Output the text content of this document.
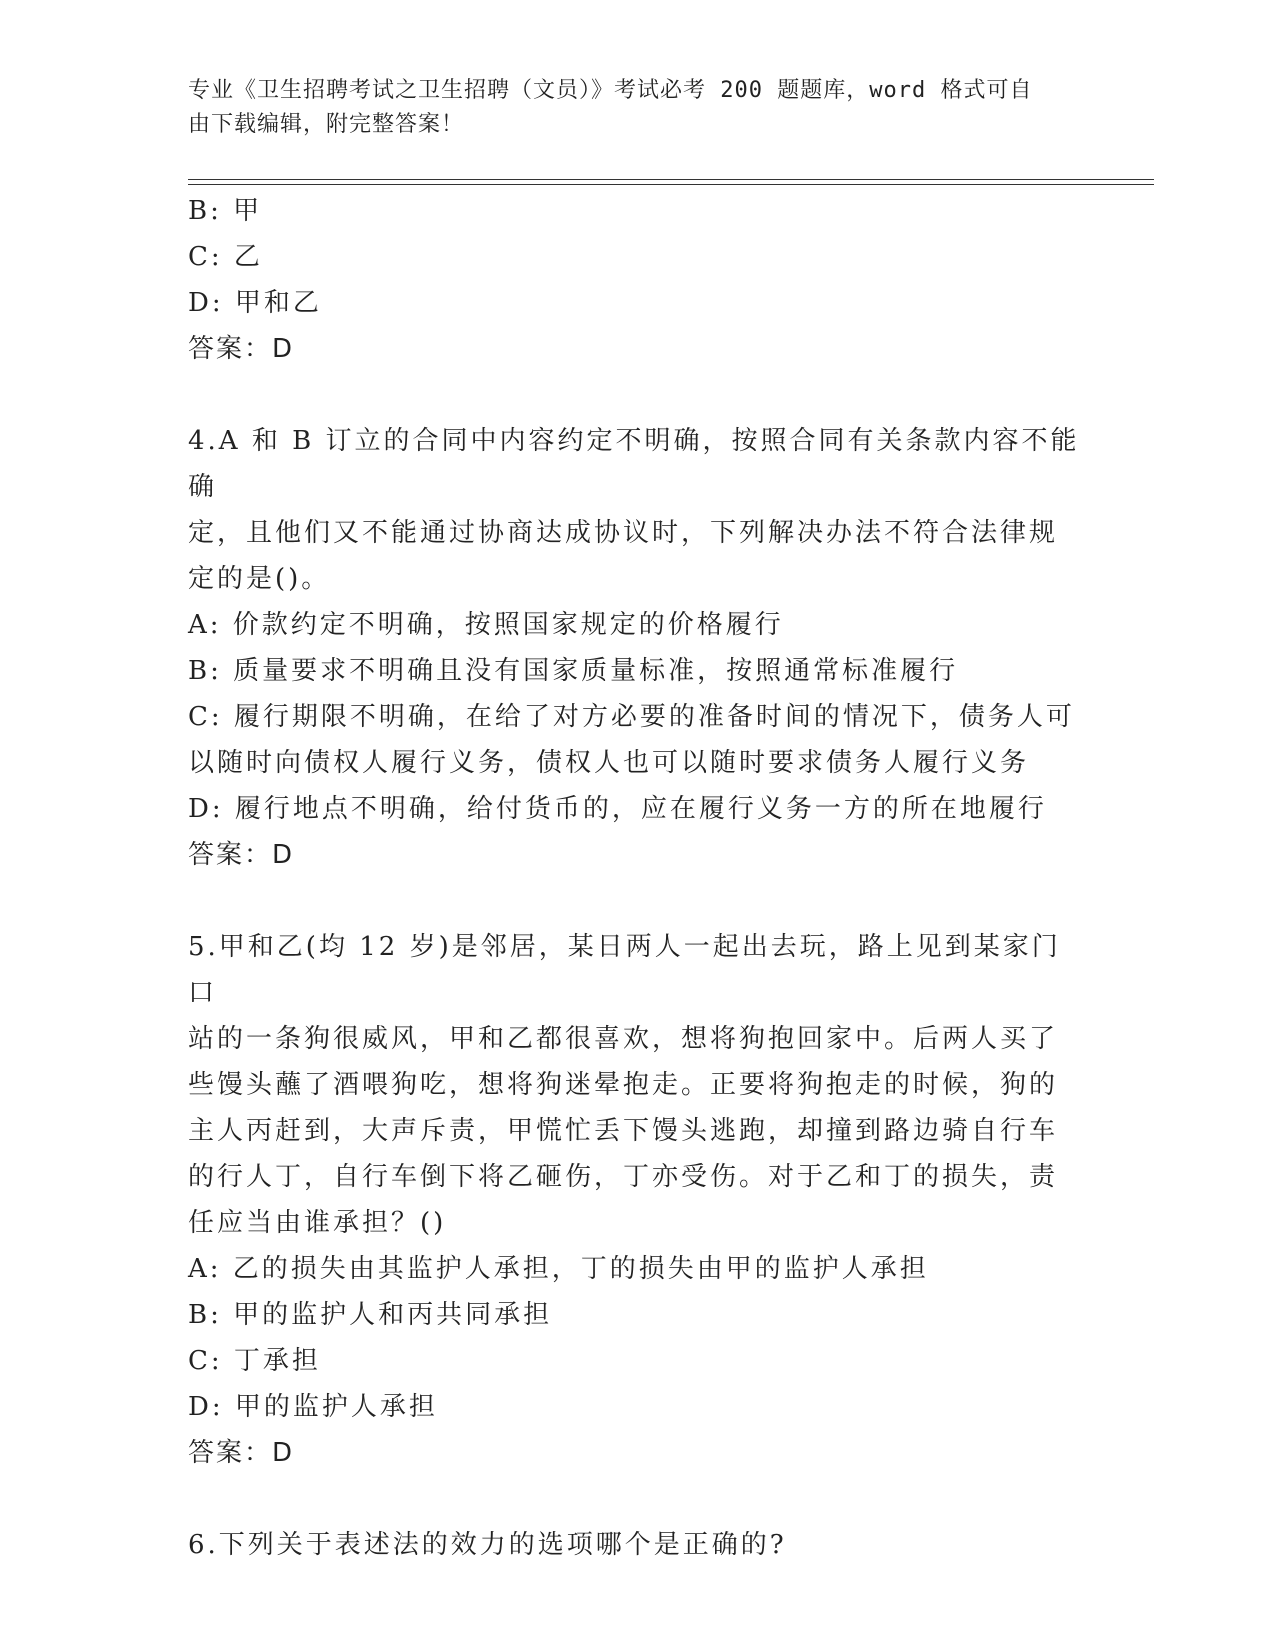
专业《卫生招聘考试之卫生招聘（文员）》考试必考 200 题题库，word 格式可自
由下载编辑，附完整答案！
B: 甲
C: 乙
D: 甲和乙
答案：D
4.A 和 B 订立的合同中内容约定不明确，按照合同有关条款内容不能确
定，且他们又不能通过协商达成协议时，下列解决办法不符合法律规
定的是()。
A: 价款约定不明确，按照国家规定的价格履行
B: 质量要求不明确且没有国家质量标准，按照通常标准履行
C: 履行期限不明确，在给了对方必要的准备时间的情况下，债务人可
以随时向债权人履行义务，债权人也可以随时要求债务人履行义务
D: 履行地点不明确，给付货币的，应在履行义务一方的所在地履行
答案：D
5.甲和乙(均 12 岁)是邻居，某日两人一起出去玩，路上见到某家门口
站的一条狗很威风，甲和乙都很喜欢，想将狗抱回家中。后两人买了
些馒头蘸了酒喂狗吃，想将狗迷晕抱走。正要将狗抱走的时候，狗的
主人丙赶到，大声斥责，甲慌忙丢下馒头逃跑，却撞到路边骑自行车
的行人丁，自行车倒下将乙砸伤，丁亦受伤。对于乙和丁的损失，责
任应当由谁承担？()
A: 乙的损失由其监护人承担，丁的损失由甲的监护人承担
B: 甲的监护人和丙共同承担
C: 丁承担
D: 甲的监护人承担
答案：D
6.下列关于表述法的效力的选项哪个是正确的?
